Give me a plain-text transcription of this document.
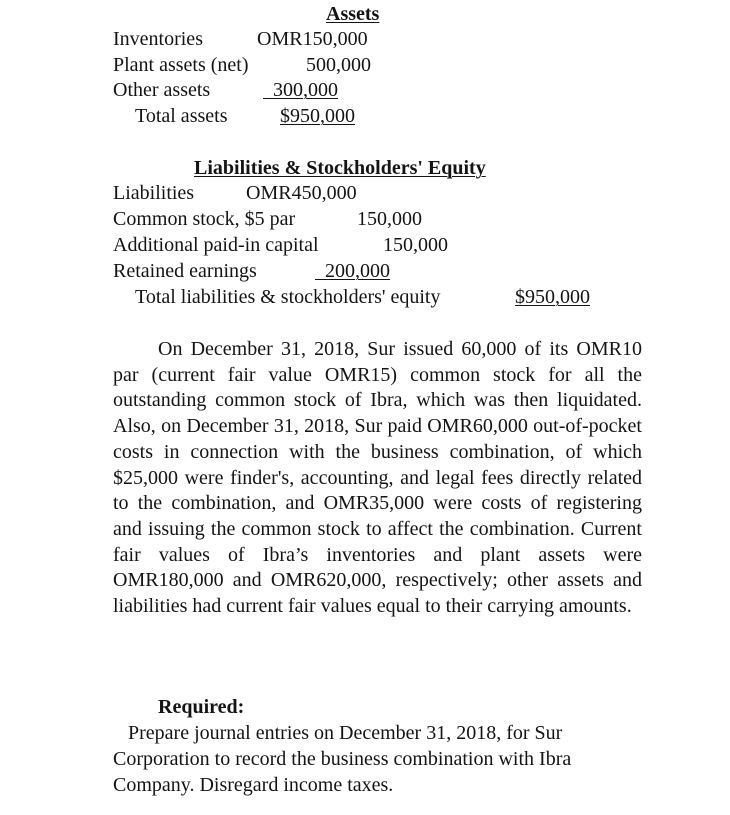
Assets
Inventories	OMR150,000
Plant assets (net)	500,000
Other assets	300,000
Total assets	$950,000
Liabilities & Stockholders' Equity
Liabilities	OMR450,000
Common stock, $5 par	150,000
Additional paid-in capital	150,000
Retained earnings	200,000
Total liabilities & stockholders' equity	$950,000
On December 31, 2018, Sur issued 60,000 of its OMR10 par (current fair value OMR15) common stock for all the outstanding common stock of Ibra, which was then liquidated. Also, on December 31, 2018, Sur paid OMR60,000 out-of-pocket costs in connection with the business combination, of which $25,000 were finder's, accounting, and legal fees directly related to the combination, and OMR35,000 were costs of registering and issuing the common stock to affect the combination. Current fair values of Ibra’s inventories and plant assets were OMR180,000 and OMR620,000, respectively; other assets and liabilities had current fair values equal to their carrying amounts.
Required:
Prepare journal entries on December 31, 2018, for Sur
Corporation to record the business combination with Ibra
Company. Disregard income taxes.
